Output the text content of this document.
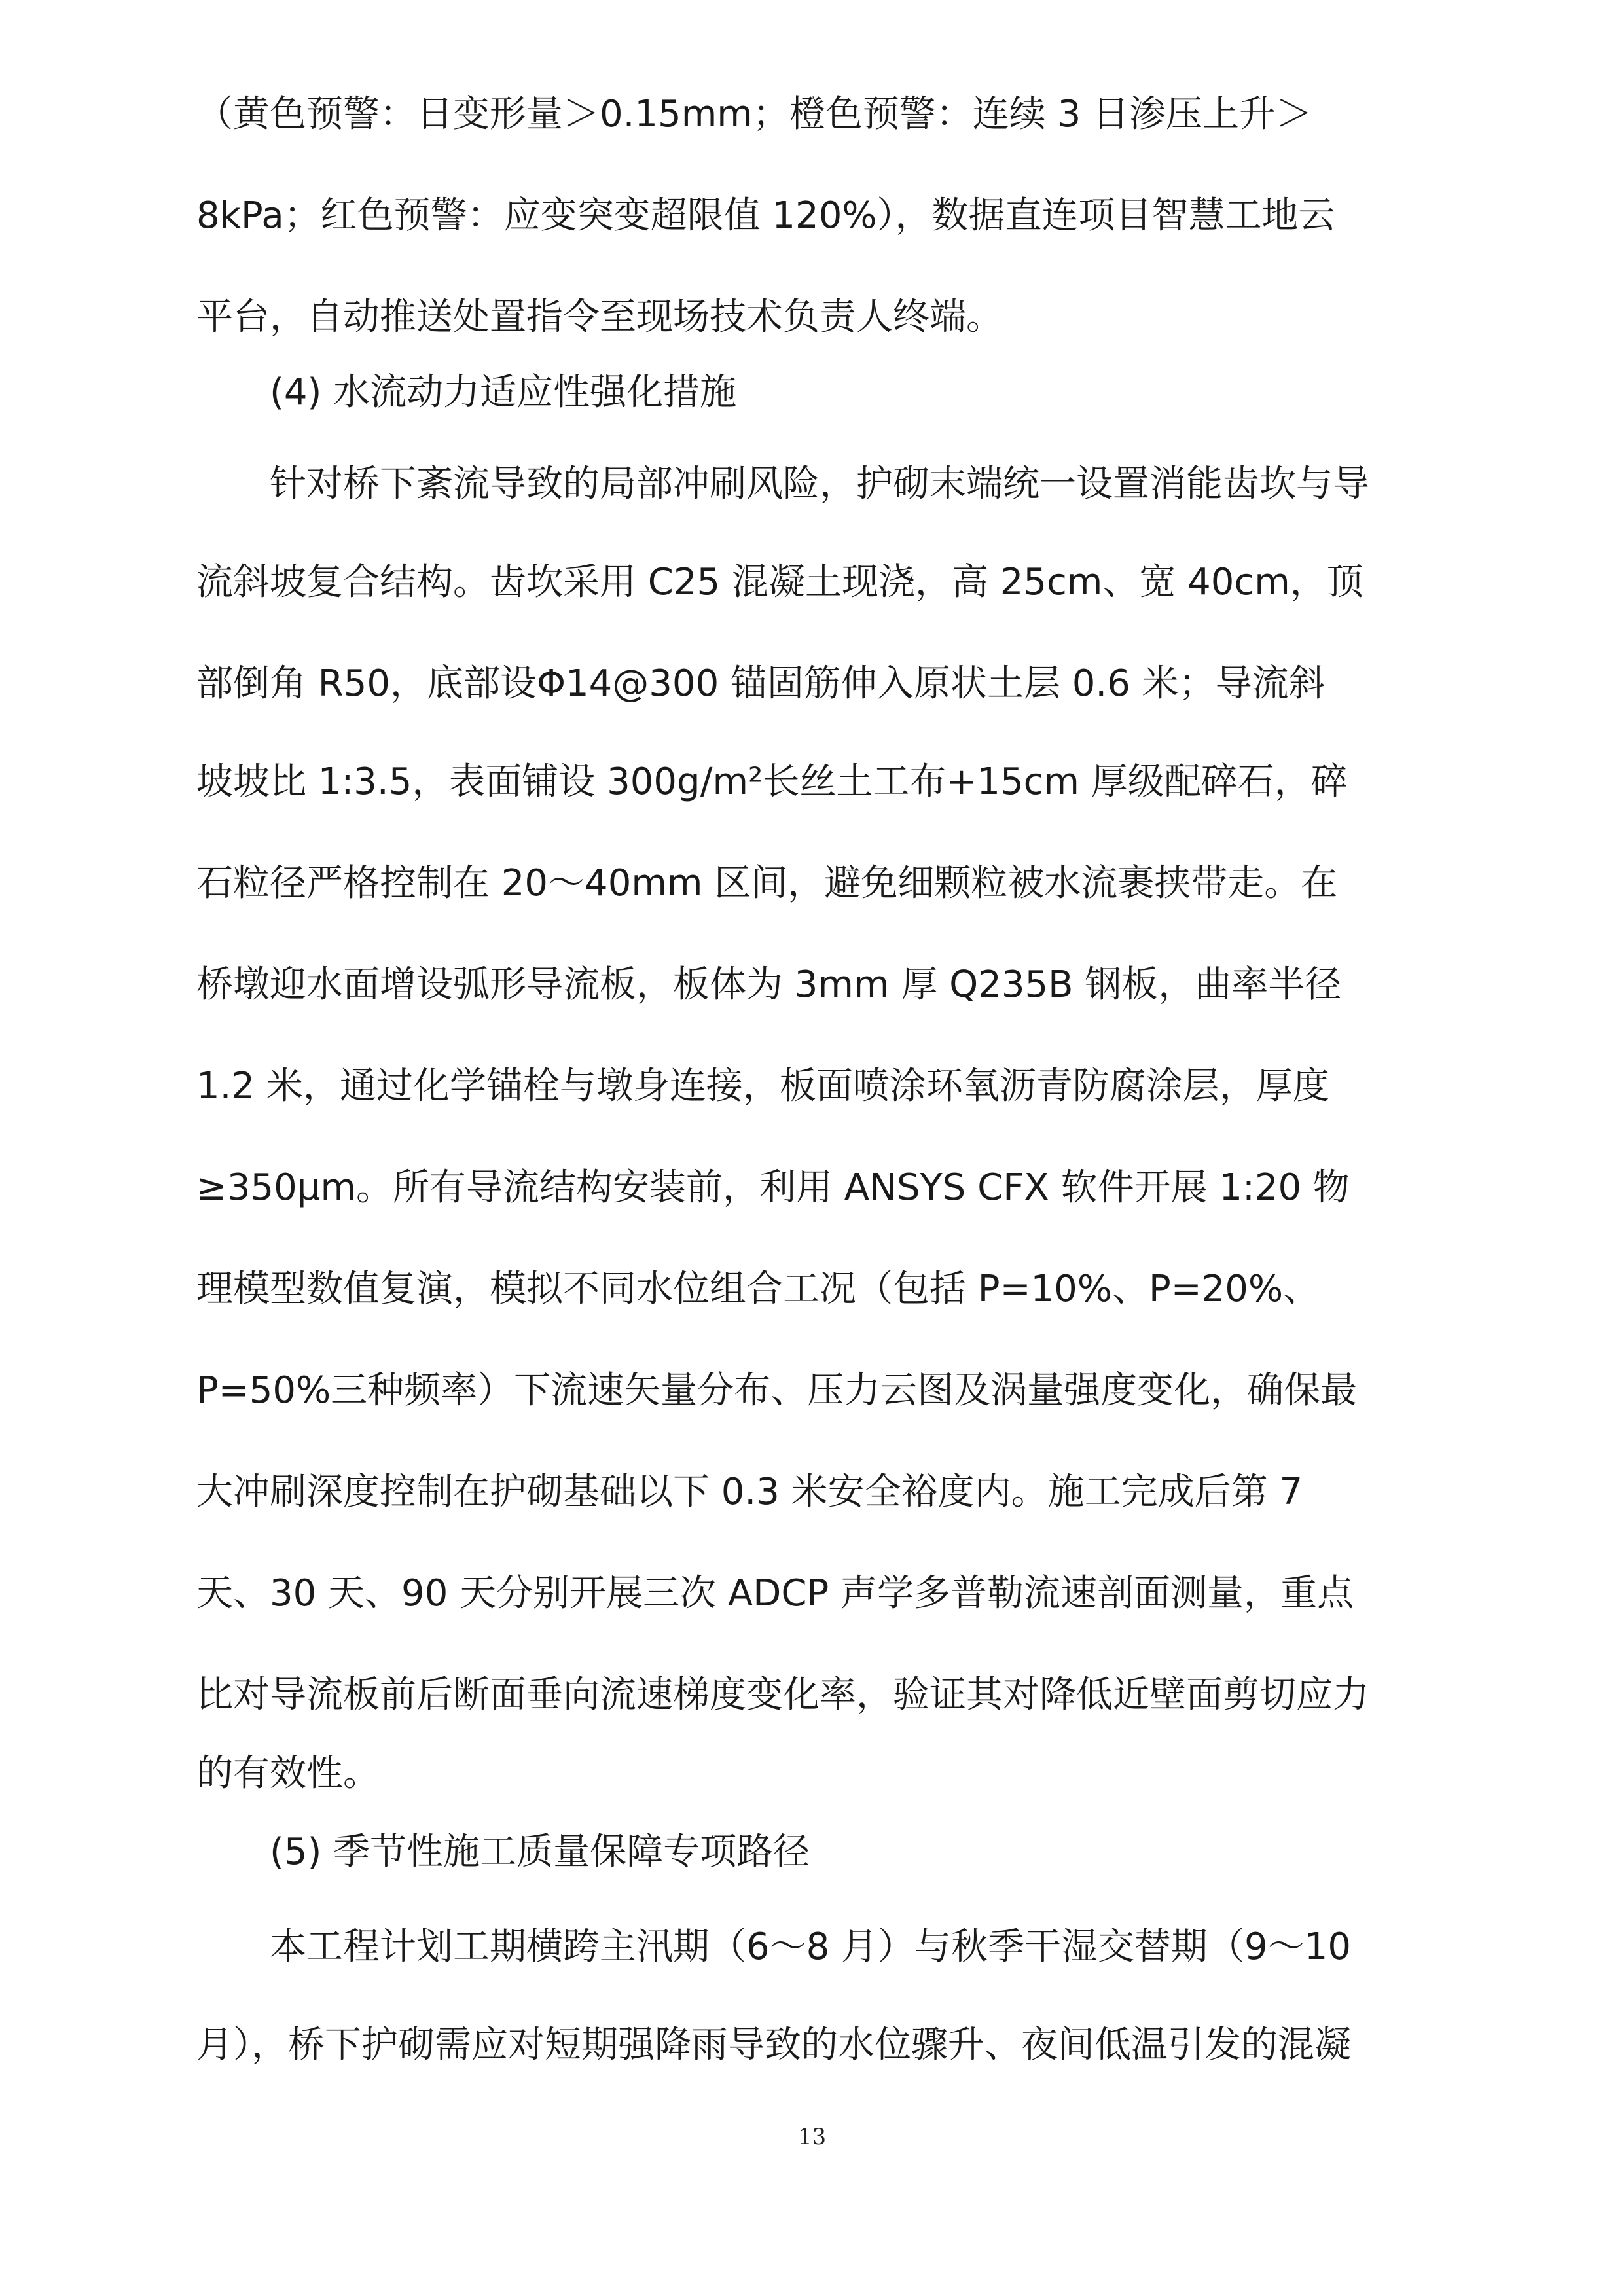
（黄色预警：日变形量＞0.15mm；橙色预警：连续 3 日渗压上升＞
8kPa；红色预警：应变突变超限值 120%），数据直连项目智慧工地云
平台，自动推送处置指令至现场技术负责人终端。
(4) 水流动力适应性强化措施
针对桥下紊流导致的局部冲刷风险，护砌末端统一设置消能齿坎与导
流斜坡复合结构。齿坎采用 C25 混凝土现浇，高 25cm、宽 40cm，顶
部倒角 R50，底部设Φ14@300 锚固筋伸入原状土层 0.6 米；导流斜
坡坡比 1:3.5，表面铺设 300g/m²长丝土工布+15cm 厚级配碎石，碎
石粒径严格控制在 20～40mm 区间，避免细颗粒被水流裹挟带走。在
桥墩迎水面增设弧形导流板，板体为 3mm 厚 Q235B 钢板，曲率半径
1.2 米，通过化学锚栓与墩身连接，板面喷涂环氧沥青防腐涂层，厚度
≥350μm。所有导流结构安装前，利用 ANSYS CFX 软件开展 1:20 物
理模型数值复演，模拟不同水位组合工况（包括 P=10%、P=20%、
P=50%三种频率）下流速矢量分布、压力云图及涡量强度变化，确保最
大冲刷深度控制在护砌基础以下 0.3 米安全裕度内。施工完成后第 7
天、30 天、90 天分别开展三次 ADCP 声学多普勒流速剖面测量，重点
比对导流板前后断面垂向流速梯度变化率，验证其对降低近壁面剪切应力
的有效性。
(5) 季节性施工质量保障专项路径
本工程计划工期横跨主汛期（6～8 月）与秋季干湿交替期（9～10
月），桥下护砌需应对短期强降雨导致的水位骤升、夜间低温引发的混凝
13
